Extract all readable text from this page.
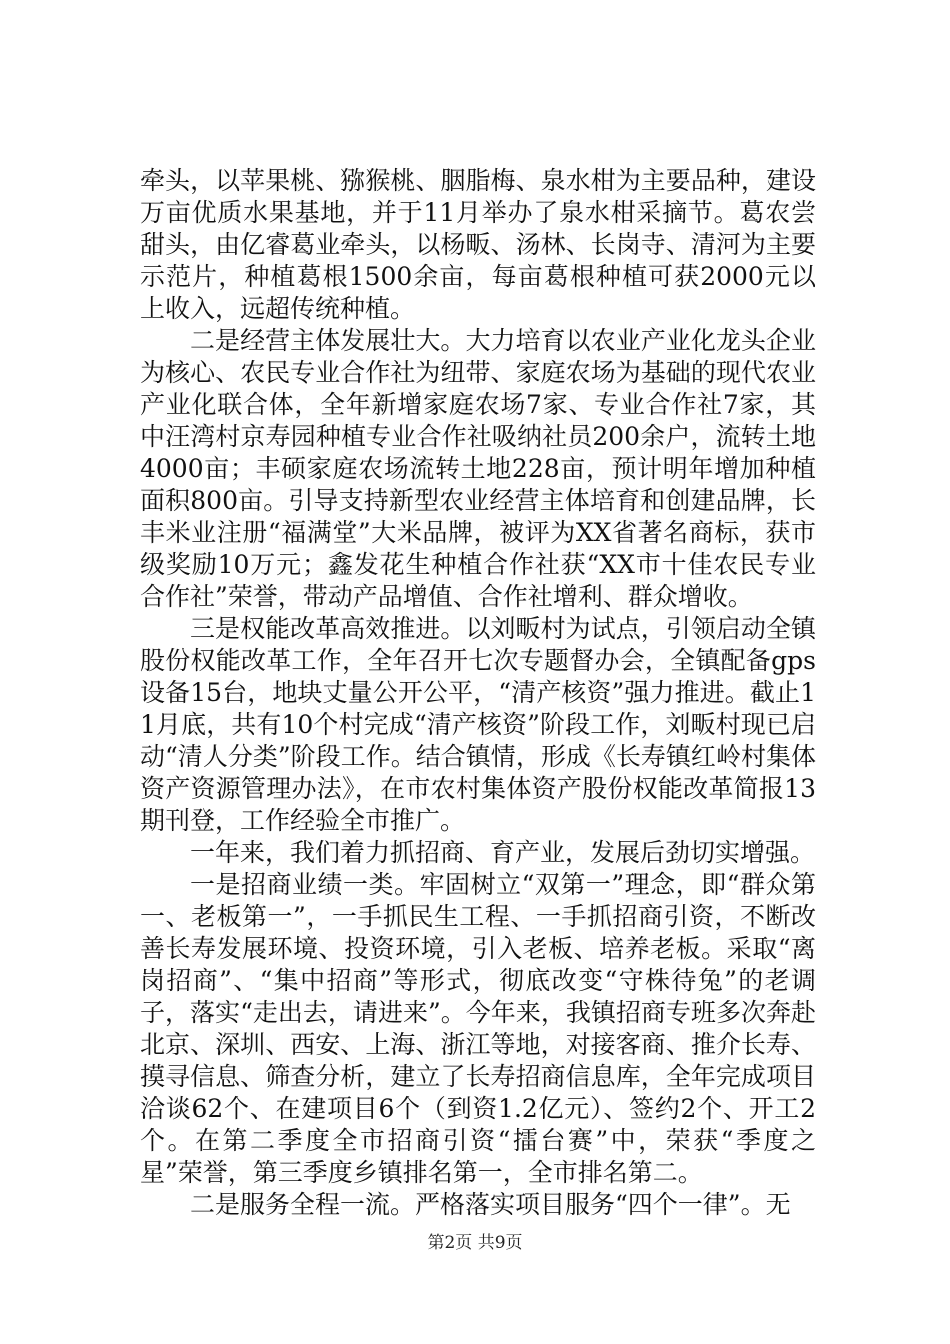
牵头，以苹果桃、猕猴桃、胭脂梅、泉水柑为主要品种，建设万亩优质水果基地，并于11月举办了泉水柑采摘节。葛农尝甜头，由亿睿葛业牵头，以杨畈、汤林、长岗寺、清河为主要示范片，种植葛根1500余亩，每亩葛根种植可获2000元以上收入，远超传统种植。

二是经营主体发展壮大。大力培育以农业产业化龙头企业为核心、农民专业合作社为纽带、家庭农场为基础的现代农业产业化联合体，全年新增家庭农场7家、专业合作社7家，其中汪湾村京寿园种植专业合作社吸纳社员200余户，流转土地4000亩；丰硕家庭农场流转土地228亩，预计明年增加种植面积800亩。引导支持新型农业经营主体培育和创建品牌，长丰米业注册“福满堂”大米品牌，被评为XX省著名商标，获市级奖励10万元；鑫发花生种植合作社获“XX市十佳农民专业合作社”荣誉，带动产品增值、合作社增利、群众增收。

三是权能改革高效推进。以刘畈村为试点，引领启动全镇股份权能改革工作，全年召开七次专题督办会，全镇配备gps设备15台，地块丈量公开公平，“清产核资”强力推进。截止11月底，共有10个村完成“清产核资”阶段工作，刘畈村现已启动“清人分类”阶段工作。结合镇情，形成《长寿镇红岭村集体资产资源管理办法》，在市农村集体资产股份权能改革简报13期刊登，工作经验全市推广。

一年来，我们着力抓招商、育产业，发展后劲切实增强。

一是招商业绩一类。牢固树立“双第一”理念，即“群众第一、老板第一”，一手抓民生工程、一手抓招商引资，不断改善长寿发展环境、投资环境，引入老板、培养老板。采取“离岗招商”、“集中招商”等形式，彻底改变“守株待兔”的老调子，落实“走出去，请进来”。今年来，我镇招商专班多次奔赴北京、深圳、西安、上海、浙江等地，对接客商、推介长寿、摸寻信息、筛查分析，建立了长寿招商信息库，全年完成项目洽谈62个、在建项目6个（到资1.2亿元）、签约2个、开工2个。在第二季度全市招商引资“擂台赛”中，荣获“季度之星”荣誉，第三季度乡镇排名第一，全市排名第二。

二是服务全程一流。严格落实项目服务“四个一律”。无

第2页 共9页
